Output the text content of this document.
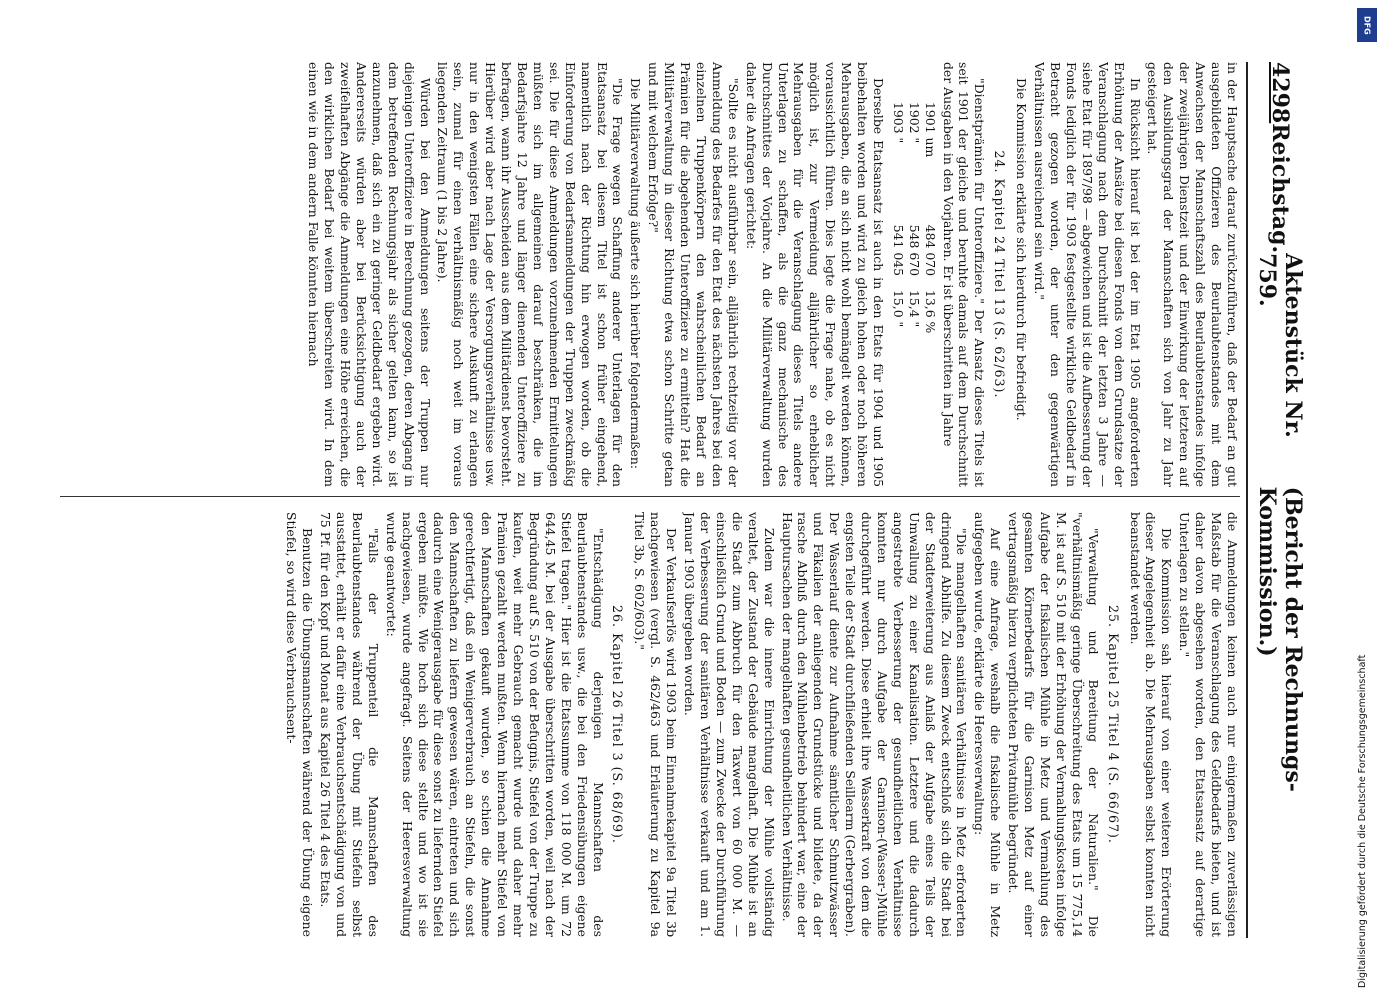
4298
Reichstag.
Aktenstück Nr. 759.
(Bericht der Rechnungs-Kommission.)

in der Hauptsache darauf zurückzuführen, daß der Bedarf an gut ausgebildeten Offizieren des Beurlaubtenstandes mit dem Anwachsen der Mannschaftszahl des Beurlaubtenstandes infolge der zweijährigen Dienstzeit und der Einwirkung der letzteren auf den Ausbildungsgrad der Mannschaften sich von Jahr zu Jahr gesteigert hat.

In Rücksicht hierauf ist bei der im Etat 1905 angeforderten Erhöhung der Ansätze bei diesen Fonds von dem Grundsatze der Veranschlagung nach dem Durchschnitt der letzten 3 Jahre — siehe Etat für 1897/98 — abgewichen und ist die Aufbesserung der Fonds lediglich der für 1903 festgestellte wirkliche Geldbedarf in Betracht gezogen worden, der unter den gegenwärtigen Verhältnissen ausreichend sein wird."

Die Kommission erklärte sich hierdurch für befriedigt.

24. Kapitel 24 Titel 13 (S. 62/63).

"Dienstprämien für Unteroffiziere." Der Ansatz dieses Titels ist seit 1901 der gleiche und beruhte damals auf dem Durchschnitt der Ausgaben in den Vorjahren. Er ist überschritten im Jahre

1901 um
484 070
13,6 %
1902 "
548 670
15,4 "
1903 "
541 045
15,0 "

Derselbe Etatsansatz ist auch in den Etats für 1904 und 1905 beibehalten worden und wird zu gleich hohen oder noch höheren Mehrausgaben, die an sich nicht wohl bemängelt werden können, voraussichtlich führen. Dies legte die Frage nahe, ob es nicht möglich ist, zur Vermeidung alljährlicher so erheblicher Mehrausgaben für die Veranschlagung dieses Titels andere Unterlagen zu schaffen, als die ganz mechanische des Durchschnittes der Vorjahre. An die Militärverwaltung wurden daher die Anfragen gerichtet:

"Sollte es nicht ausführbar sein, alljährlich rechtzeitig vor der Anmeldung des Bedarfes für den Etat des nächsten Jahres bei den einzelnen Truppenkörpern den wahrscheinlichen Bedarf an Prämien für die abgehenden Unteroffiziere zu ermitteln? Hat die Militärverwaltung in dieser Richtung etwa schon Schritte getan und mit welchem Erfolge?"

Die Militärverwaltung äußerte sich hierüber folgendermaßen:

"Die Frage wegen Schaffung anderer Unterlagen für den Etatsansatz bei diesem Titel ist schon früher eingehend, namentlich nach der Richtung hin erwogen worden, ob die Einforderung von Bedarfsanmeldungen der Truppen zweckmäßig sei. Die für diese Anmeldungen vorzunehmenden Ermittelungen müßten sich im allgemeinen darauf beschränken, die im Bedarfsjahre 12 Jahre und länger dienenden Unteroffiziere zu befragen, wann ihr Ausscheiden aus dem Militärdienst bevorsteht. Hierüber wird aber nach Lage der Versorgungsverhältnisse usw. nur in den wenigsten Fällen eine sichere Auskunft zu erlangen sein, zumal für einen verhältnismäßig noch weit im voraus liegenden Zeitraum (1 bis 2 Jahre).

Würden bei den Anmeldungen seitens der Truppen nur diejenigen Unteroffiziere in Berechnung gezogen, deren Abgang in dem betreffenden Rechnungsjahr als sicher gelten kann, so ist anzunehmen, daß sich ein zu geringer Geldbedarf ergeben wird. Andererseits würden aber bei Berücksichtigung auch der zweifelhaften Abgänge die Anmeldungen eine Höhe erreichen, die den wirklichen Bedarf bei weitem überschreiten wird. In dem einen wie in dem andern Falle könnten hiernach

die Anmeldungen keinen auch nur einigermaßen zuverlässigen Maßstab für die Veranschlagung des Geldbedarfs bieten, und ist daher davon abgesehen worden, den Etatsansatz auf derartige Unterlagen zu stellen."

Die Kommission sah hierauf von einer weiteren Erörterung dieser Angelegenheit ab. Die Mehrausgaben selbst konnten nicht beanstandet werden.

25. Kapitel 25 Titel 4 (S. 66/67).

"Verwaltung und Bereitung der Naturalien." Die "verhältnismäßig geringe Überschreitung des Etats um 15 775,14 M. ist auf S. 510 mit der Erhöhung der Vermahlungskosten infolge Aufgabe der fiskalischen Mühle in Metz und Vermahlung des gesamten Körnerbedarfs für die Garnison Metz auf einer vertragsmäßig hierzu verpflichteten Privatmühle begründet.

Auf eine Anfrage, weshalb die fiskalische Mühle in Metz aufgegeben wurde, erklärte die Heeresverwaltung:

"Die mangelhaften sanitären Verhältnisse in Metz erforderten dringend Abhilfe. Zu diesem Zweck entschloß sich die Stadt bei der Stadterweiterung aus Anlaß der Aufgabe eines Teils der Umwallung zu einer Kanalisation. Letztere und die dadurch angestrebte Verbesserung der gesundheitlichen Verhältnisse konnten nur durch Aufgabe der Garnison-(Wasser-)Mühle durchgeführt werden. Diese erhielt ihre Wasserkraft von dem die engsten Teile der Stadt durchfließenden Seillearm (Gerbergraben). Der Wasserlauf diente zur Aufnahme sämtlicher Schmutzwässer und Fäkalien der anliegenden Grundstücke und bildete, da der rasche Abfluß durch den Mühlenbetrieb behindert war, eine der Hauptursachen der mangelhaften gesundheitlichen Verhältnisse.

Zudem war die innere Einrichtung der Mühle vollständig veraltet, der Zustand der Gebäude mangelhaft. Die Mühle ist an die Stadt zum Abbruch für den Taxwert von 60 000 M. — einschließlich Grund und Boden — zum Zwecke der Durchführung der Verbesserung der sanitären Verhältnisse verkauft und am 1. Januar 1903 übergeben worden.

Der Verkaufserlös wird 1903 beim Einnahmekapitel 9a Titel 3b nachgewiesen (vergl. S. 462/463 und Erläuterung zu Kapitel 9a Titel 3b, S. 602/603)."

26. Kapitel 26 Titel 3 (S. 68/69).

"Entschädigung derjenigen Mannschaften des Beurlaubtenstandes usw., die bei den Friedensübungen eigene Stiefel tragen." Hier ist die Etatssumme von 118 000 M. um 72 644,45 M. bei der Ausgabe überschritten worden, weil nach der Begründung auf S. 510 von der Befugnis, Stiefel von der Truppe zu kaufen, weit mehr Gebrauch gemacht wurde und daher mehr Prämien gezahlt werden mußten. Wenn hiernach mehr Stiefel von den Mannschaften gekauft wurden, so schien die Annahme gerechtfertigt, daß ein Wenigerverbrauch an Stiefeln, die sonst den Mannschaften zu liefern gewesen wären, eintreten und sich dadurch eine Wenigerausgabe für diese sonst zu liefernden Stiefel ergeben müßte. Wie hoch sich diese stellte und wo ist sie nachgewiesen, wurde angefragt. Seitens der Heeresverwaltung wurde geantwortet:

"Falls der Truppenteil die Mannschaften des Beurlaubtenstandes während der Übung mit Stiefeln selbst ausstattet, erhält er dafür eine Verbrauchsentschädigung von und 75 Pf. für den Kopf und Monat aus Kapitel 26 Titel 4 des Etats.

Benutzen die Übungsmannschaften während der Übung eigene Stiefel, so wird diese Verbrauchsent-

DFG
Digitalisierung gefördert durch die Deutsche Forschungsgemeinschaft
